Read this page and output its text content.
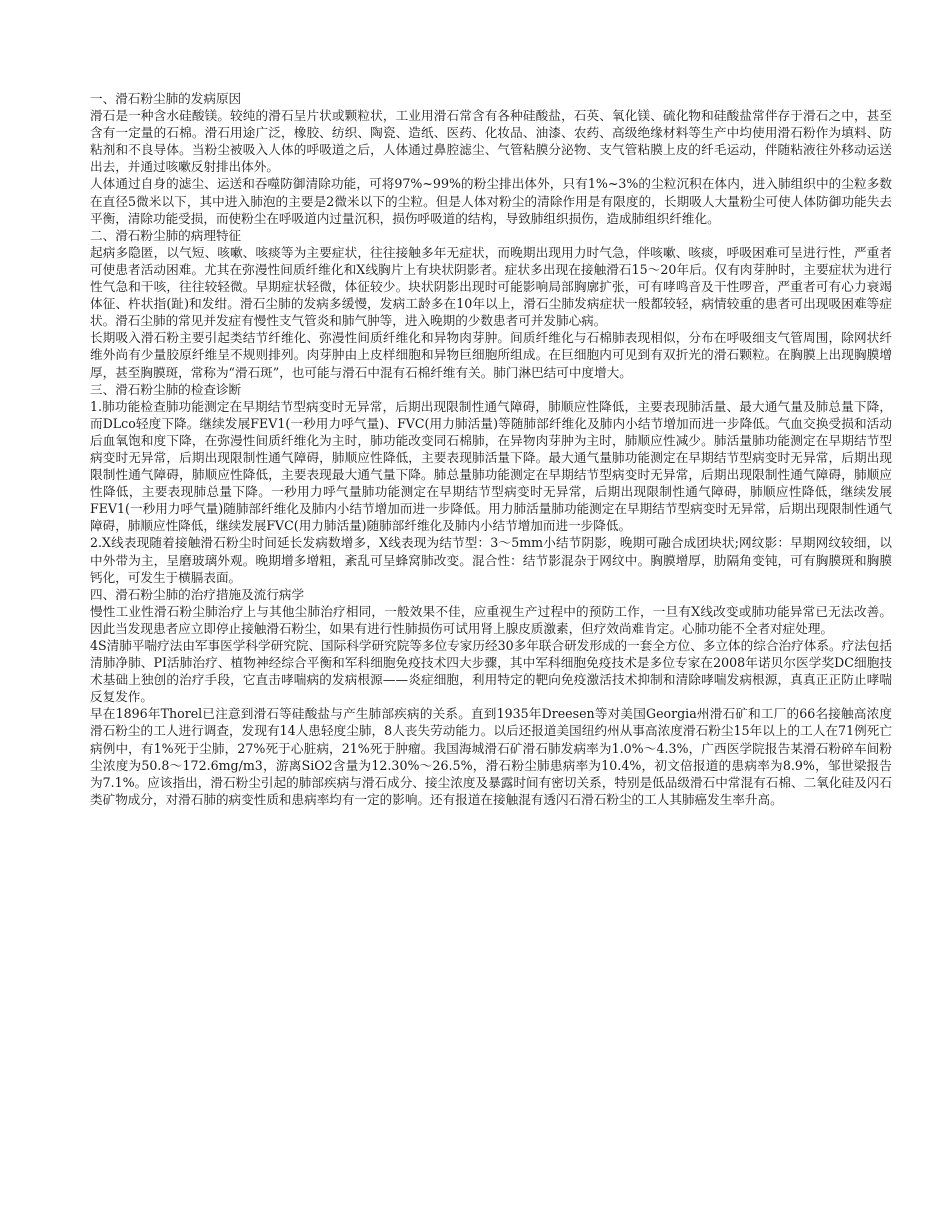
一、滑石粉尘肺的发病原因

滑石是一种含水硅酸镁。较纯的滑石呈片状或颗粒状，工业用滑石常含有各种硅酸盐，石英、氧化镁、硫化物和硅酸盐常伴存于滑石之中，甚至含有一定量的石棉。滑石用途广泛，橡胶、纺织、陶瓷、造纸、医药、化妆品、油漆、农药、高级绝缘材料等生产中均使用滑石粉作为填料、防粘剂和不良导体。当粉尘被吸入人体的呼吸道之后，人体通过鼻腔滤尘、气管粘膜分泌物、支气管粘膜上皮的纤毛运动，伴随粘液往外移动运送出去，并通过咳嗽反射排出体外。

人体通过自身的滤尘、运送和吞噬防御清除功能，可将97%~99%的粉尘排出体外，只有1%~3%的尘粒沉积在体内，进入肺组织中的尘粒多数在直径5微米以下，其中进入肺泡的主要是2微米以下的尘粒。但是人体对粉尘的清除作用是有限度的，长期吸人大量粉尘可使人体防御功能失去平衡，清除功能受损，而使粉尘在呼吸道内过量沉积，损伤呼吸道的结构，导致肺组织损伤，造成肺组织纤维化。

二、滑石粉尘肺的病理特征

起病多隐匿，以气短、咳嗽、咳痰等为主要症状，往往接触多年无症状，而晚期出现用力时气急，伴咳嗽、咳痰，呼吸困难可呈进行性，严重者可使患者活动困难。尤其在弥漫性间质纤维化和X线胸片上有块状阴影者。症状多出现在接触滑石15～20年后。仅有肉芽肿时，主要症状为进行性气急和干咳，往往较轻微。早期症状轻微，体征较少。块状阴影出现时可能影响局部胸廓扩张，可有哮鸣音及干性啰音，严重者可有心力衰竭体征、杵状指(趾)和发绀。滑石尘肺的发病多缓慢，发病工龄多在10年以上，滑石尘肺发病症状一般都较轻，病情较重的患者可出现吸困难等症状。滑石尘肺的常见并发症有慢性支气管炎和肺气肿等，进入晚期的少数患者可并发肺心病。

长期吸入滑石粉主要引起类结节纤维化、弥漫性间质纤维化和异物肉芽肿。间质纤维化与石棉肺表现相似，分布在呼吸细支气管周围，除网状纤维外尚有少量胶原纤维呈不规则排列。肉芽肿由上皮样细胞和异物巨细胞所组成。在巨细胞内可见到有双折光的滑石颗粒。在胸膜上出现胸膜增厚，甚至胸膜斑，常称为“滑石斑”，也可能与滑石中混有石棉纤维有关。肺门淋巴结可中度增大。

三、滑石粉尘肺的检查诊断

1.肺功能检查肺功能测定在早期结节型病变时无异常，后期出现限制性通气障碍，肺顺应性降低，主要表现肺活量、最大通气量及肺总量下降，而DLco轻度下降。继续发展FEV1(一秒用力呼气量)、FVC(用力肺活量)等随肺部纤维化及肺内小结节增加而进一步降低。气血交换受损和活动后血氧饱和度下降，在弥漫性间质纤维化为主时，肺功能改变同石棉肺，在异物肉芽肿为主时，肺顺应性减少。肺活量肺功能测定在早期结节型病变时无异常，后期出现限制性通气障碍，肺顺应性降低，主要表现肺活量下降。最大通气量肺功能测定在早期结节型病变时无异常，后期出现限制性通气障碍，肺顺应性降低，主要表现最大通气量下降。肺总量肺功能测定在早期结节型病变时无异常，后期出现限制性通气障碍，肺顺应性降低，主要表现肺总量下降。一秒用力呼气量肺功能测定在早期结节型病变时无异常，后期出现限制性通气障碍，肺顺应性降低，继续发展FEV1(一秒用力呼气量)随肺部纤维化及肺内小结节增加而进一步降低。用力肺活量肺功能测定在早期结节型病变时无异常，后期出现限制性通气障碍，肺顺应性降低，继续发展FVC(用力肺活量)随肺部纤维化及肺内小结节增加而进一步降低。

2.X线表现随着接触滑石粉尘时间延长发病数增多，X线表现为结节型：3～5mm小结节阴影，晚期可融合成团块状;网纹影：早期网纹较细，以中外带为主，呈磨玻璃外观。晚期增多增粗，紊乱可呈蜂窝肺改变。混合性：结节影混杂于网纹中。胸膜增厚，肋隔角变钝，可有胸膜斑和胸膜钙化，可发生于横膈表面。

四、滑石粉尘肺的治疗措施及流行病学

慢性工业性滑石粉尘肺治疗上与其他尘肺治疗相同，一般效果不佳，应重视生产过程中的预防工作，一旦有X线改变或肺功能异常已无法改善。因此当发现患者应立即停止接触滑石粉尘，如果有进行性肺损伤可试用肾上腺皮质激素，但疗效尚难肯定。心肺功能不全者对症处理。

4S清肺平喘疗法由军事医学科学研究院、国际科学研究院等多位专家历经30多年联合研发形成的一套全方位、多立体的综合治疗体系。疗法包括清肺净肺、PI活肺治疗、植物神经综合平衡和军科细胞免疫技术四大步骤，其中军科细胞免疫技术是多位专家在2008年诺贝尔医学奖DC细胞技术基础上独创的治疗手段，它直击哮喘病的发病根源——炎症细胞，利用特定的靶向免疫激活技术抑制和清除哮喘发病根源，真真正正防止哮喘反复发作。

早在1896年Thorel已注意到滑石等硅酸盐与产生肺部疾病的关系。直到1935年Dreesen等对美国Georgia州滑石矿和工厂的66名接触高浓度滑石粉尘的工人进行调查，发现有14人患轻度尘肺，8人丧失劳动能力。以后还报道美国纽约州从事高浓度滑石粉尘15年以上的工人在71例死亡病例中，有1%死于尘肺，27%死于心脏病，21%死于肿瘤。我国海城滑石矿滑石肺发病率为1.0%～4.3%，广西医学院报告某滑石粉碎车间粉尘浓度为50.8～172.6mg/m3，游离SiO2含量为12.30%～26.5%，滑石粉尘肺患病率为10.4%，初文倍报道的患病率为8.9%，邹世梁报告为7.1%。应该指出，滑石粉尘引起的肺部疾病与滑石成分、接尘浓度及暴露时间有密切关系，特别是低品级滑石中常混有石棉、二氧化硅及闪石类矿物成分，对滑石肺的病变性质和患病率均有一定的影响。还有报道在接触混有透闪石滑石粉尘的工人其肺癌发生率升高。
